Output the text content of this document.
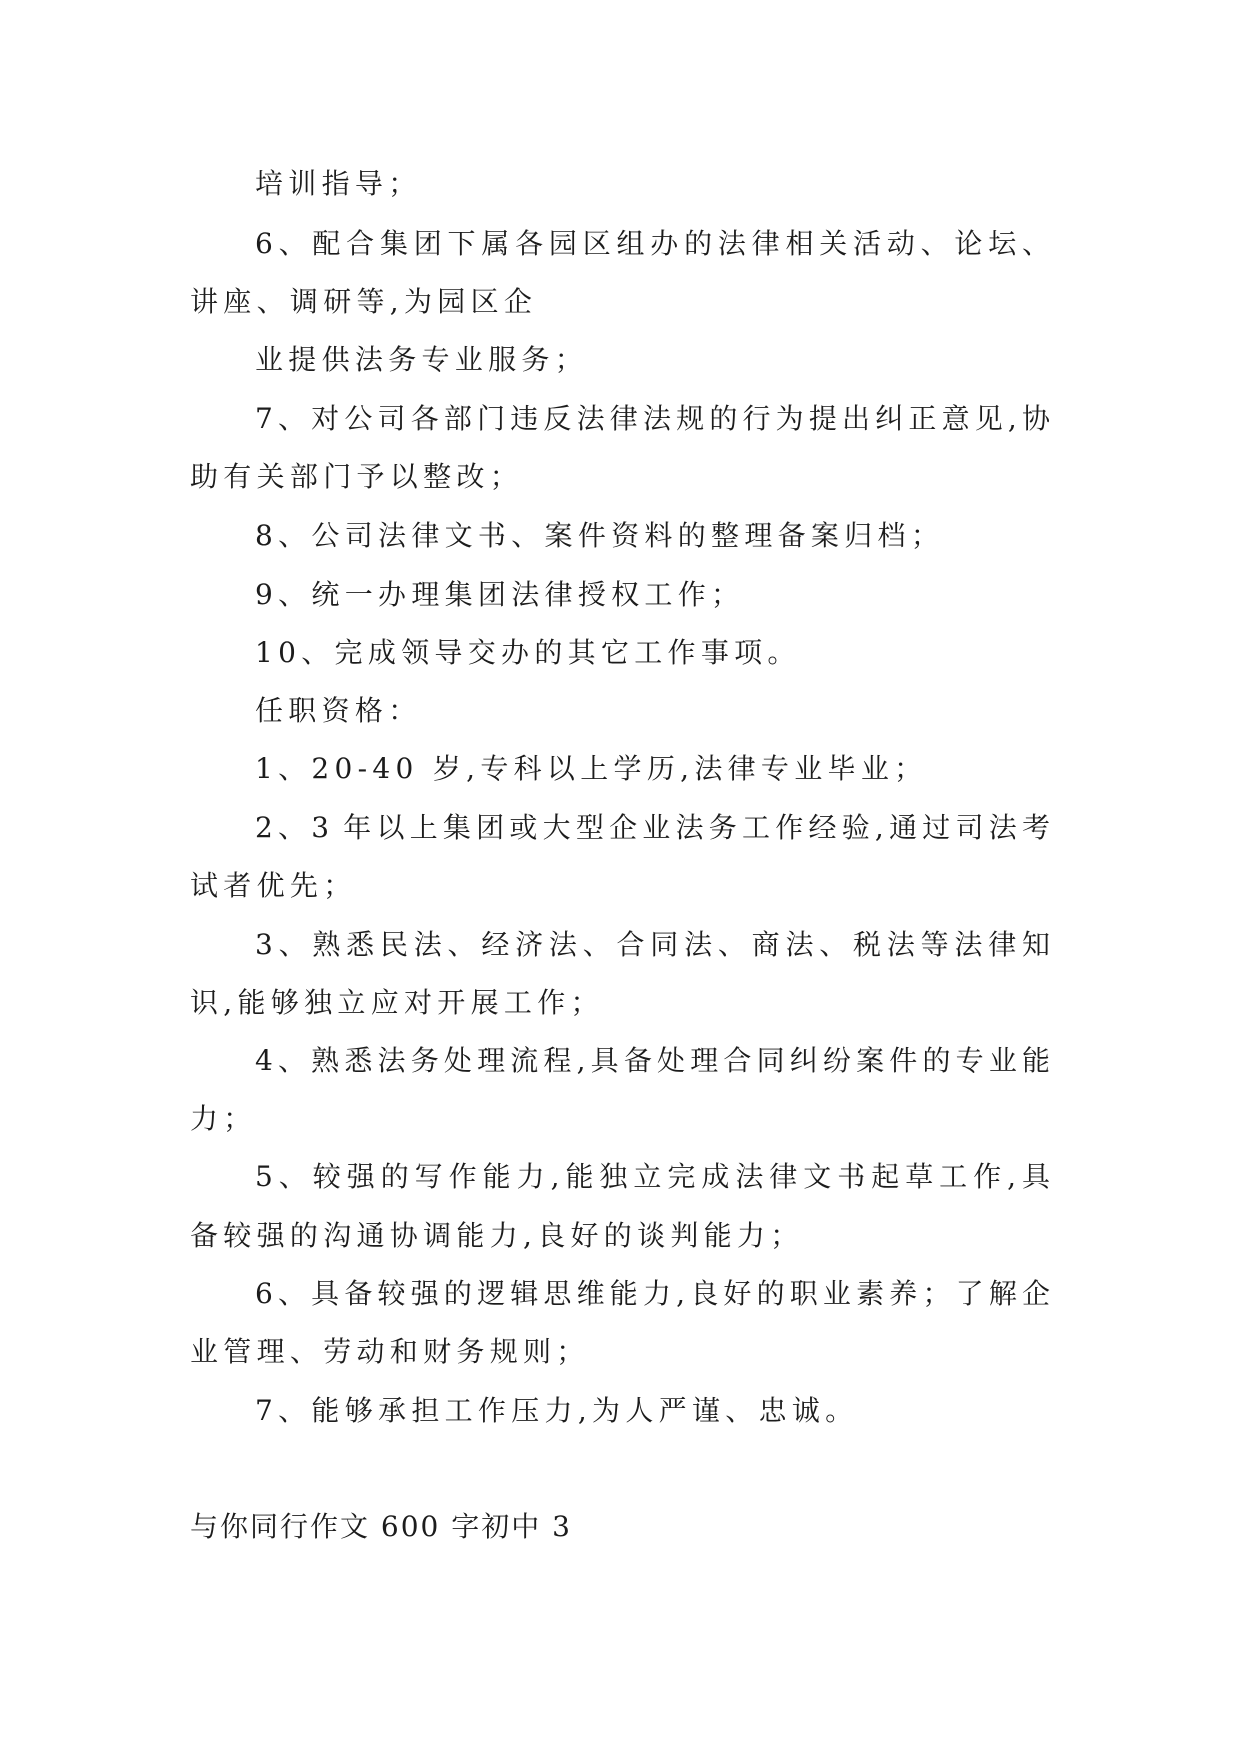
培训指导；
6、配合集团下属各园区组办的法律相关活动、论坛、
讲座、调研等,为园区企
业提供法务专业服务；
7、对公司各部门违反法律法规的行为提出纠正意见,协
助有关部门予以整改；
8、公司法律文书、案件资料的整理备案归档；
9、统一办理集团法律授权工作；
10、完成领导交办的其它工作事项。
任职资格：
1、20-40 岁,专科以上学历,法律专业毕业；
2、3 年以上集团或大型企业法务工作经验,通过司法考
试者优先；
3、熟悉民法、经济法、合同法、商法、税法等法律知
识,能够独立应对开展工作；
4、熟悉法务处理流程,具备处理合同纠纷案件的专业能
力；
5、较强的写作能力,能独立完成法律文书起草工作,具
备较强的沟通协调能力,良好的谈判能力；
6、具备较强的逻辑思维能力,良好的职业素养；了解企
业管理、劳动和财务规则；
7、能够承担工作压力,为人严谨、忠诚。
与你同行作文 600 字初中 3
